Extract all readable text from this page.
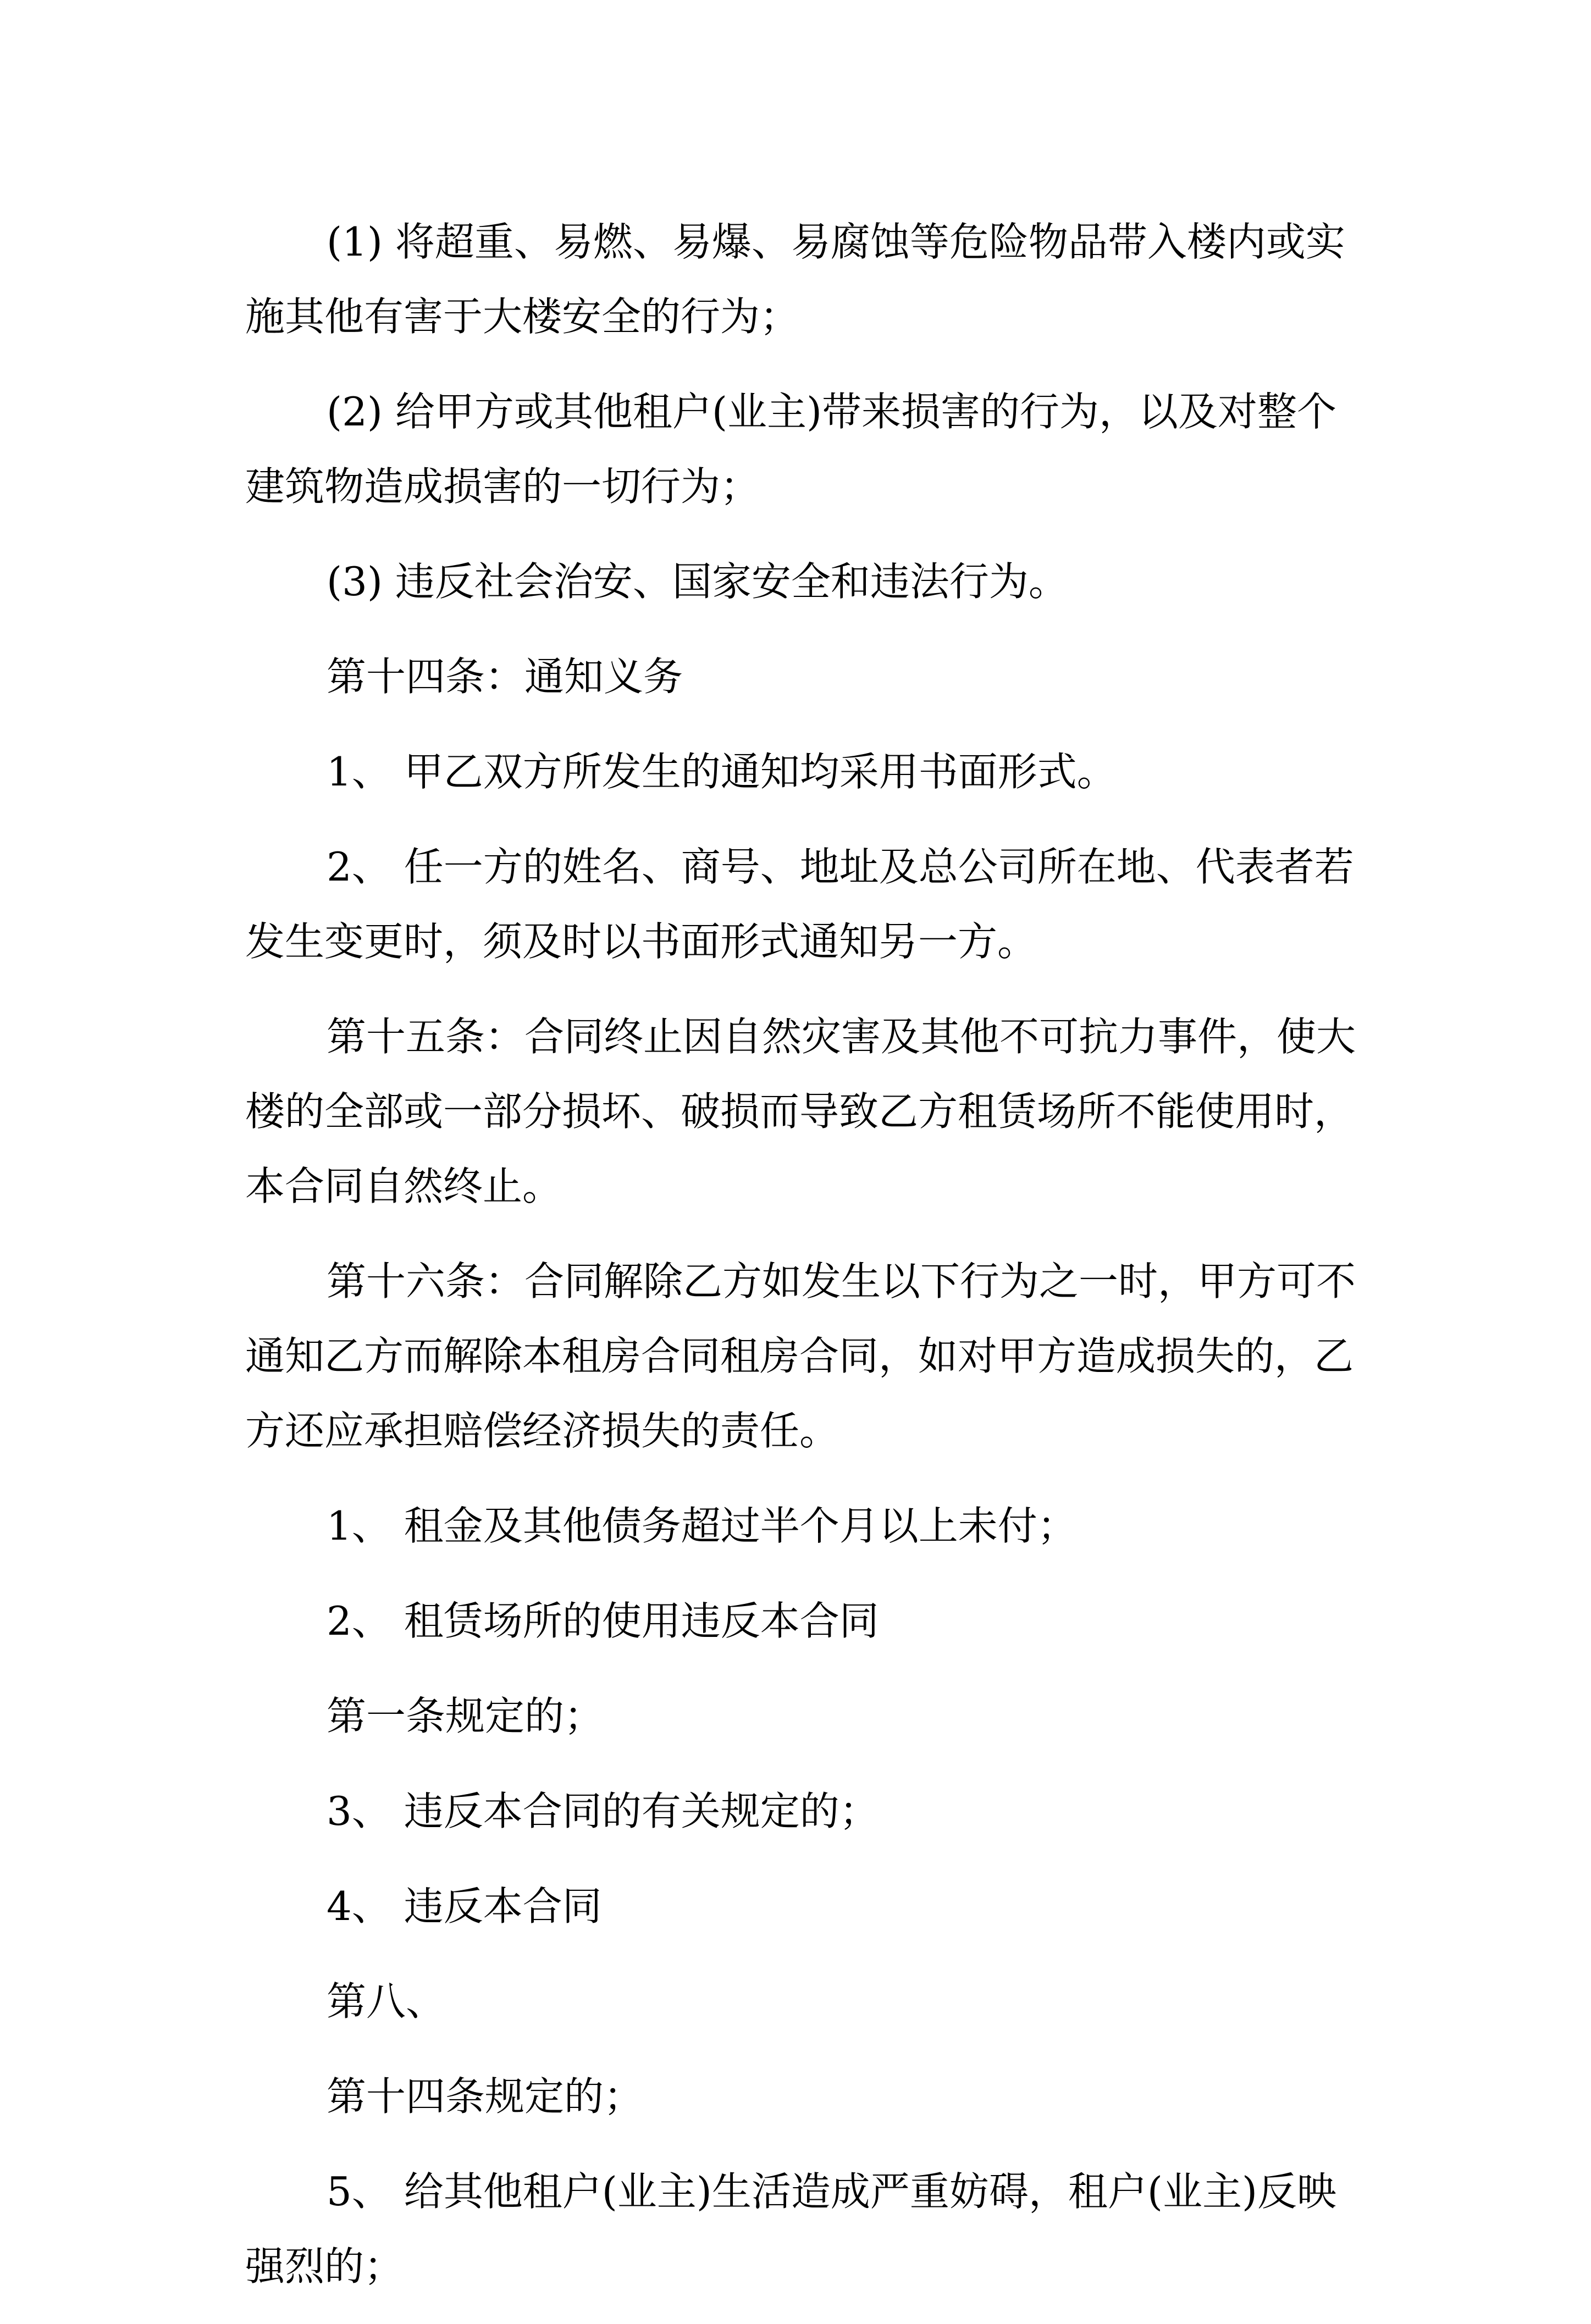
(1) 将超重、易燃、易爆、易腐蚀等危险物品带入楼内或实施其他有害于大楼安全的行为；

(2) 给甲方或其他租户(业主)带来损害的行为，以及对整个建筑物造成损害的一切行为；

(3) 违反社会治安、国家安全和违法行为。

第十四条：通知义务

1、 甲乙双方所发生的通知均采用书面形式。

2、 任一方的姓名、商号、地址及总公司所在地、代表者若发生变更时，须及时以书面形式通知另一方。

第十五条：合同终止因自然灾害及其他不可抗力事件，使大楼的全部或一部分损坏、破损而导致乙方租赁场所不能使用时，本合同自然终止。

第十六条：合同解除乙方如发生以下行为之一时，甲方可不通知乙方而解除本租房合同租房合同，如对甲方造成损失的，乙方还应承担赔偿经济损失的责任。

1、 租金及其他债务超过半个月以上未付；

2、 租赁场所的使用违反本合同

第一条规定的；

3、 违反本合同的有关规定的；

4、 违反本合同

第八、

第十四条规定的；

5、 给其他租户(业主)生活造成严重妨碍，租户(业主)反映强烈的；
